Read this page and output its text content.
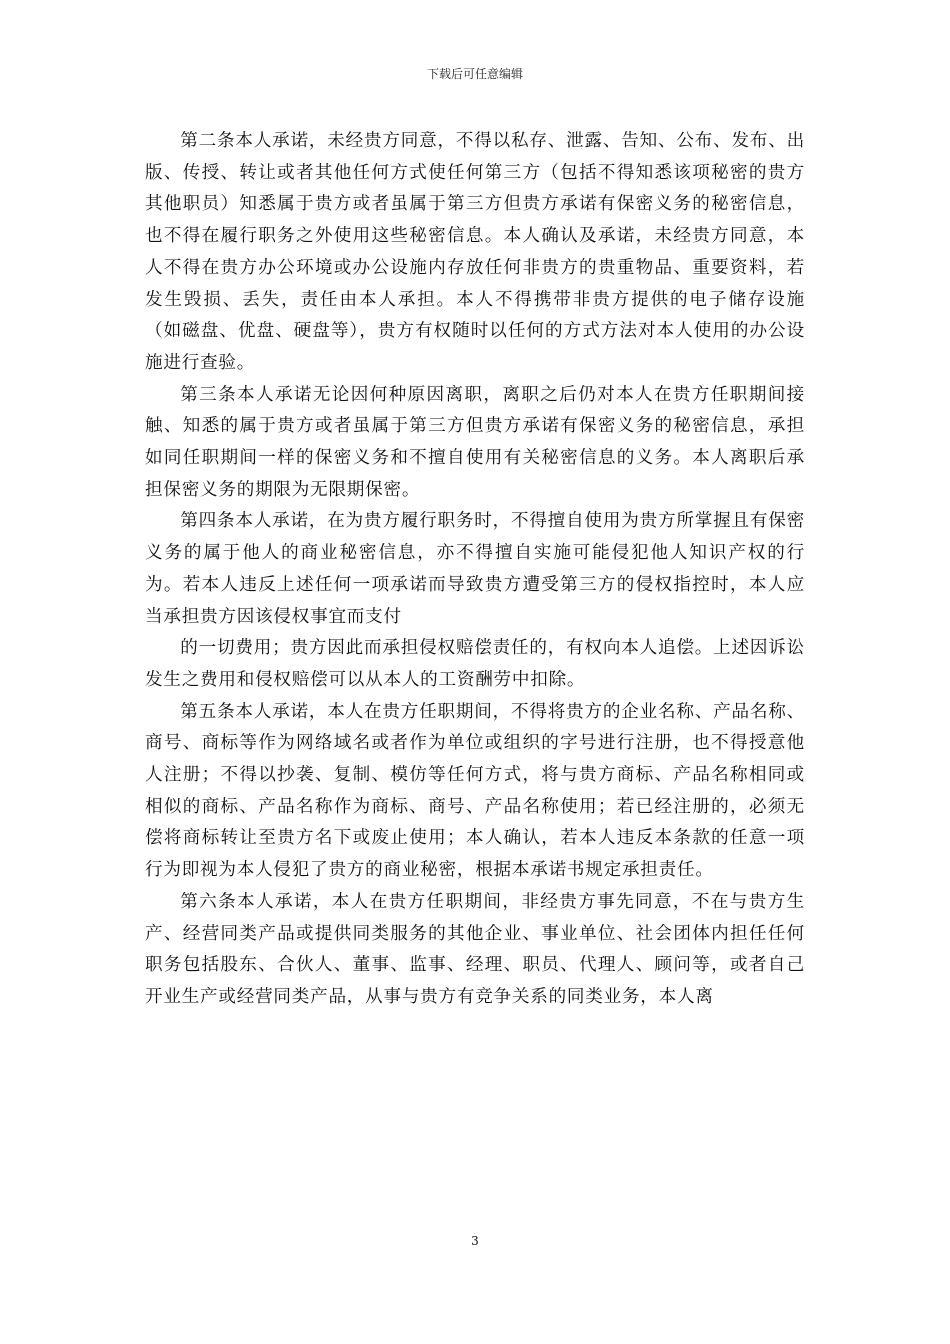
下载后可任意编辑

第二条本人承诺，未经贵方同意，不得以私存、泄露、告知、公布、发布、出版、传授、转让或者其他任何方式使任何第三方（包括不得知悉该项秘密的贵方其他职员）知悉属于贵方或者虽属于第三方但贵方承诺有保密义务的秘密信息，也不得在履行职务之外使用这些秘密信息。本人确认及承诺，未经贵方同意，本人不得在贵方办公环境或办公设施内存放任何非贵方的贵重物品、重要资料，若发生毁损、丢失，责任由本人承担。本人不得携带非贵方提供的电子储存设施（如磁盘、优盘、硬盘等），贵方有权随时以任何的方式方法对本人使用的办公设施进行查验。

第三条本人承诺无论因何种原因离职，离职之后仍对本人在贵方任职期间接触、知悉的属于贵方或者虽属于第三方但贵方承诺有保密义务的秘密信息，承担如同任职期间一样的保密义务和不擅自使用有关秘密信息的义务。本人离职后承担保密义务的期限为无限期保密。

第四条本人承诺，在为贵方履行职务时，不得擅自使用为贵方所掌握且有保密义务的属于他人的商业秘密信息，亦不得擅自实施可能侵犯他人知识产权的行为。若本人违反上述任何一项承诺而导致贵方遭受第三方的侵权指控时，本人应当承担贵方因该侵权事宜而支付

的一切费用；贵方因此而承担侵权赔偿责任的，有权向本人追偿。上述因诉讼发生之费用和侵权赔偿可以从本人的工资酬劳中扣除。

第五条本人承诺，本人在贵方任职期间，不得将贵方的企业名称、产品名称、商号、商标等作为网络域名或者作为单位或组织的字号进行注册，也不得授意他人注册；不得以抄袭、复制、模仿等任何方式，将与贵方商标、产品名称相同或相似的商标、产品名称作为商标、商号、产品名称使用；若已经注册的，必须无偿将商标转让至贵方名下或废止使用；本人确认，若本人违反本条款的任意一项行为即视为本人侵犯了贵方的商业秘密，根据本承诺书规定承担责任。

第六条本人承诺，本人在贵方任职期间，非经贵方事先同意，不在与贵方生产、经营同类产品或提供同类服务的其他企业、事业单位、社会团体内担任任何职务包括股东、合伙人、董事、监事、经理、职员、代理人、顾问等，或者自己开业生产或经营同类产品，从事与贵方有竞争关系的同类业务，本人离

3
